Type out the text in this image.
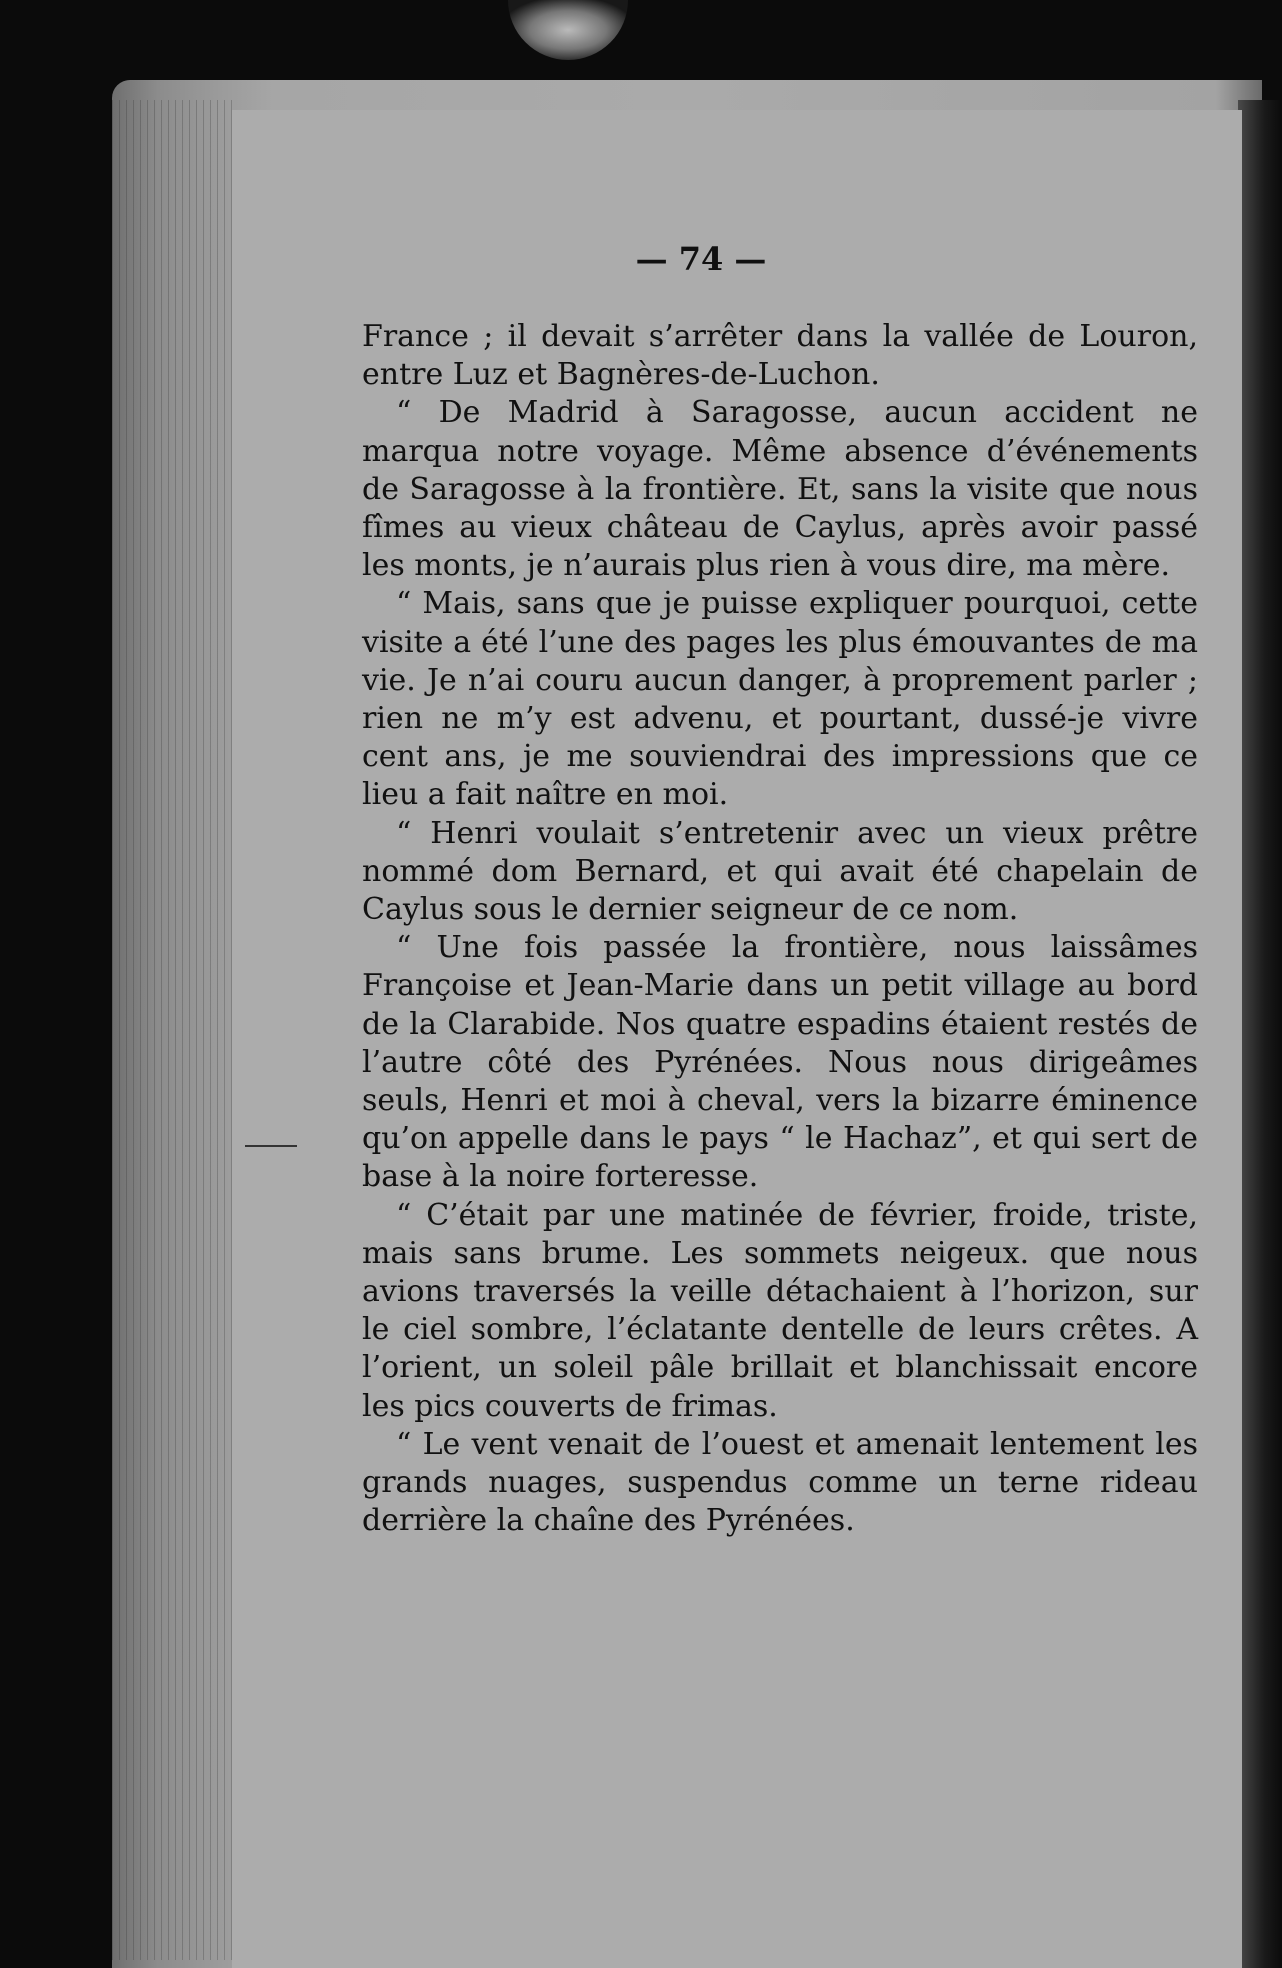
— 74 —

France ; il devait s’arrêter dans la vallée de Louron, entre Luz et Bagnères-de-Luchon.

“ De Madrid à Saragosse, aucun accident ne marqua notre voyage. Même absence d’événements de Saragosse à la frontière. Et, sans la visite que nous fîmes au vieux château de Caylus, après avoir passé les monts, je n’aurais plus rien à vous dire, ma mère.

“ Mais, sans que je puisse expliquer pourquoi, cette visite a été l’une des pages les plus émouvantes de ma vie. Je n’ai couru aucun danger, à proprement parler ; rien ne m’y est advenu, et pourtant, dussé-je vivre cent ans, je me souviendrai des impressions que ce lieu a fait naître en moi.

“ Henri voulait s’entretenir avec un vieux prêtre nommé dom Bernard, et qui avait été chapelain de Caylus sous le dernier seigneur de ce nom.

“ Une fois passée la frontière, nous laissâmes Françoise et Jean-Marie dans un petit village au bord de la Clarabide. Nos quatre espadins étaient restés de l’autre côté des Pyrénées. Nous nous dirigeâmes seuls, Henri et moi à cheval, vers la bizarre éminence qu’on appelle dans le pays “ le Hachaz”, et qui sert de base à la noire forteresse.

“ C’était par une matinée de février, froide, triste, mais sans brume. Les sommets neigeux. que nous avions traversés la veille détachaient à l’horizon, sur le ciel sombre, l’éclatante dentelle de leurs crêtes. A l’orient, un soleil pâle brillait et blanchissait encore les pics couverts de frimas.

“ Le vent venait de l’ouest et amenait lentement les grands nuages, suspendus comme un terne rideau derrière la chaîne des Pyrénées.
